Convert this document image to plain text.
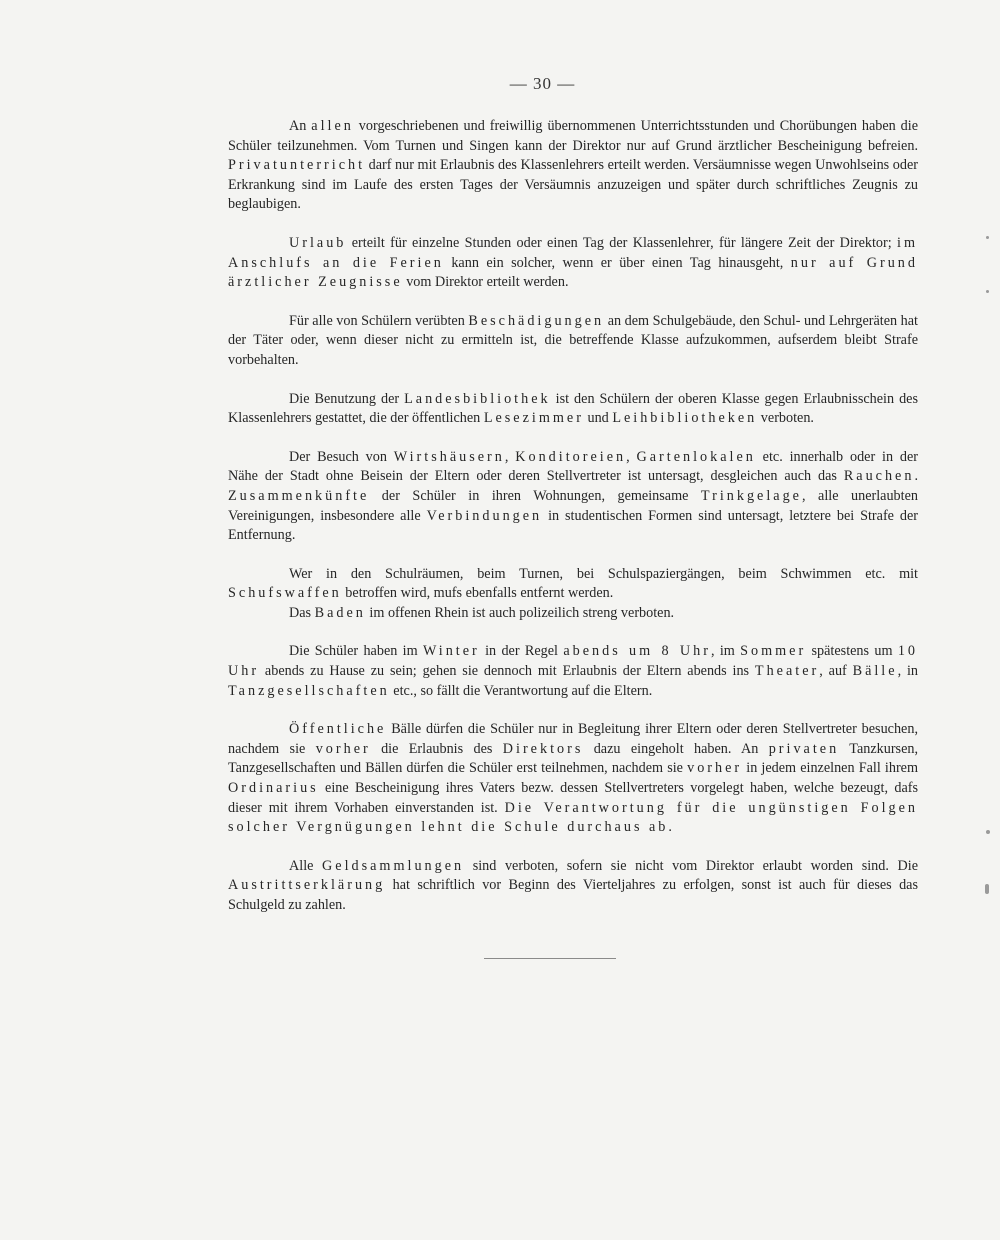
— 30 —

An allen vorgeschriebenen und freiwillig übernommenen Unterrichtsstunden und Chorübungen haben die Schüler teilzunehmen. Vom Turnen und Singen kann der Direktor nur auf Grund ärztlicher Bescheinigung befreien. Privatunterricht darf nur mit Erlaubnis des Klassenlehrers erteilt werden. Versäumnisse wegen Unwohlseins oder Erkrankung sind im Laufe des ersten Tages der Versäumnis anzuzeigen und später durch schriftliches Zeugnis zu beglaubigen.

Urlaub erteilt für einzelne Stunden oder einen Tag der Klassenlehrer, für längere Zeit der Direktor; im Anschlufs an die Ferien kann ein solcher, wenn er über einen Tag hinausgeht, nur auf Grund ärztlicher Zeugnisse vom Direktor erteilt werden.

Für alle von Schülern verübten Beschädigungen an dem Schulgebäude, den Schul- und Lehrgeräten hat der Täter oder, wenn dieser nicht zu ermitteln ist, die betreffende Klasse aufzukommen, aufserdem bleibt Strafe vorbehalten.

Die Benutzung der Landesbibliothek ist den Schülern der oberen Klasse gegen Erlaubnisschein des Klassenlehrers gestattet, die der öffentlichen Lesezimmer und Leihbibliotheken verboten.

Der Besuch von Wirtshäusern, Konditoreien, Gartenlokalen etc. innerhalb oder in der Nähe der Stadt ohne Beisein der Eltern oder deren Stellvertreter ist untersagt, desgleichen auch das Rauchen. Zusammenkünfte der Schüler in ihren Wohnungen, gemeinsame Trinkgelage, alle unerlaubten Vereinigungen, insbesondere alle Verbindungen in studentischen Formen sind untersagt, letztere bei Strafe der Entfernung.

Wer in den Schulräumen, beim Turnen, bei Schulspaziergängen, beim Schwimmen etc. mit Schufswaffen betroffen wird, mufs ebenfalls entfernt werden.

Das Baden im offenen Rhein ist auch polizeilich streng verboten.

Die Schüler haben im Winter in der Regel abends um 8 Uhr, im Sommer spätestens um 10 Uhr abends zu Hause zu sein; gehen sie dennoch mit Erlaubnis der Eltern abends ins Theater, auf Bälle, in Tanzgesellschaften etc., so fällt die Verantwortung auf die Eltern.

Öffentliche Bälle dürfen die Schüler nur in Begleitung ihrer Eltern oder deren Stellvertreter besuchen, nachdem sie vorher die Erlaubnis des Direktors dazu eingeholt haben. An privaten Tanzkursen, Tanzgesellschaften und Bällen dürfen die Schüler erst teilnehmen, nachdem sie vorher in jedem einzelnen Fall ihrem Ordinarius eine Bescheinigung ihres Vaters bezw. dessen Stellvertreters vorgelegt haben, welche bezeugt, dafs dieser mit ihrem Vorhaben einverstanden ist. Die Verantwortung für die ungünstigen Folgen solcher Vergnügungen lehnt die Schule durchaus ab.

Alle Geldsammlungen sind verboten, sofern sie nicht vom Direktor erlaubt worden sind. Die Austrittserklärung hat schriftlich vor Beginn des Vierteljahres zu erfolgen, sonst ist auch für dieses das Schulgeld zu zahlen.
